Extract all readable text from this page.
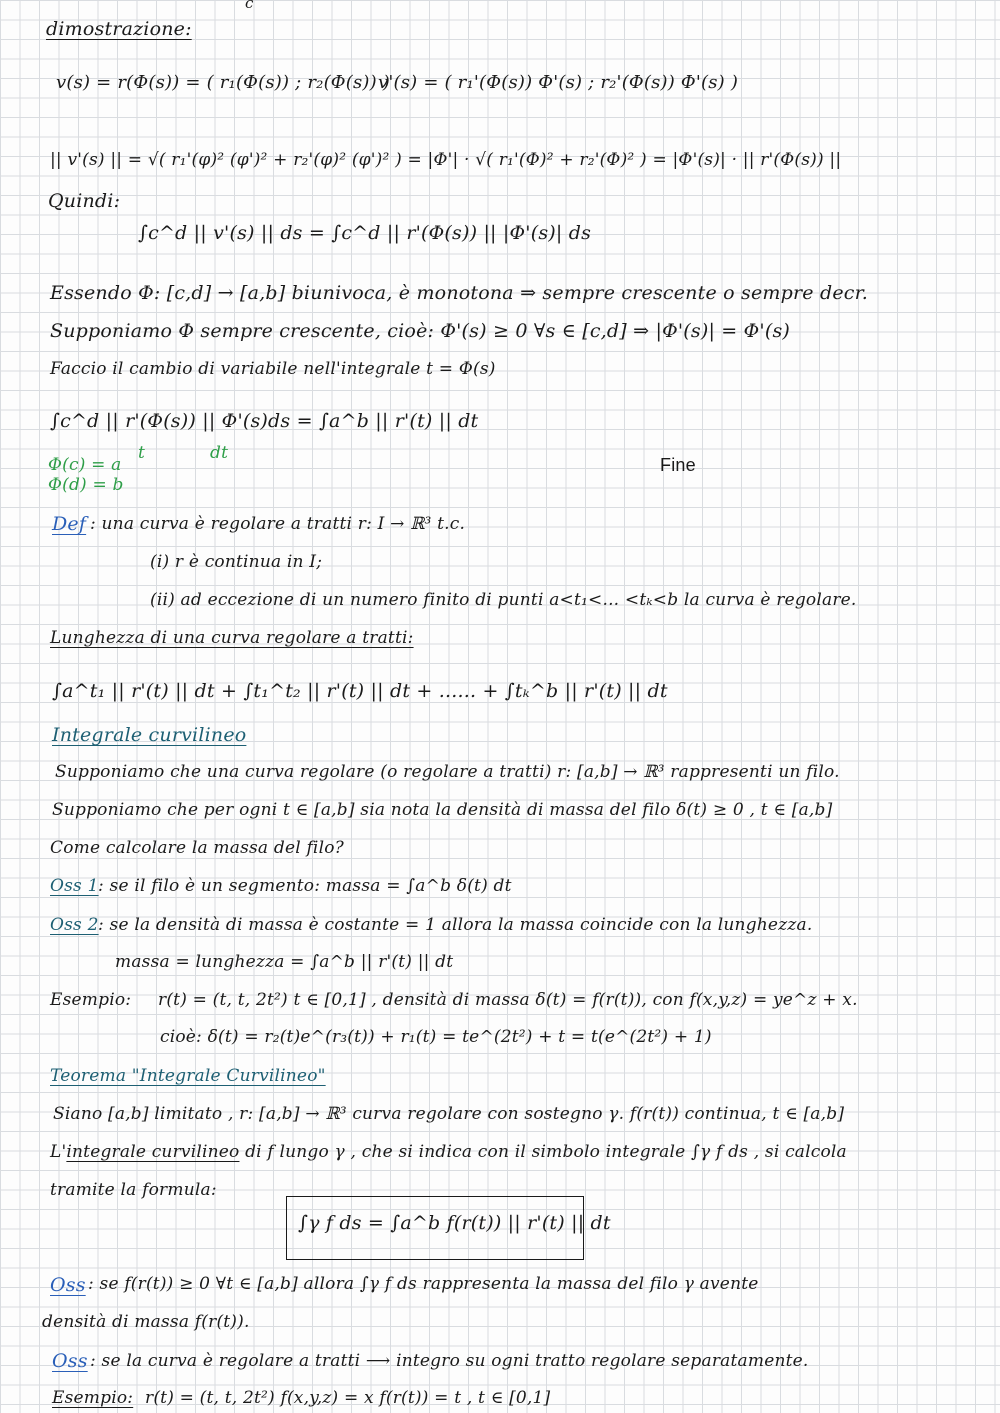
c
dimostrazione:
v(s) = r(Φ(s)) = ( r₁(Φ(s)) ; r₂(Φ(s)) )
v'(s) = ( r₁'(Φ(s)) Φ'(s) ; r₂'(Φ(s)) Φ'(s) )
|| v'(s) || = √( r₁'(φ)² (φ')² + r₂'(φ)² (φ')² ) = |Φ'| · √( r₁'(Φ)² + r₂'(Φ)² ) = |Φ'(s)| · || r'(Φ(s)) ||
Quindi:
∫c^d || v'(s) || ds = ∫c^d || r'(Φ(s)) || |Φ'(s)| ds
Essendo Φ: [c,d] → [a,b] biunivoca, è monotona ⇒ sempre crescente o sempre decr.
Supponiamo Φ sempre crescente, cioè: Φ'(s) ≥ 0 ∀s ∈ [c,d] ⇒ |Φ'(s)| = Φ'(s)
Faccio il cambio di variabile nell'integrale t = Φ(s)
∫c^d || r'(Φ(s)) || Φ'(s)ds = ∫a^b || r'(t) || dt
t	dt
Φ(c) = a
Φ(d) = b
Fine
Def : una curva è regolare a tratti r: I → ℝ³ t.c.
(i) r è continua in I;
(ii) ad eccezione di un numero finito di punti a<t₁<... <tₖ<b la curva è regolare.
Lunghezza di una curva regolare a tratti:
∫a^t₁ || r'(t) || dt + ∫t₁^t₂ || r'(t) || dt + ...... + ∫tₖ^b || r'(t) || dt
Integrale curvilineo
Supponiamo che una curva regolare (o regolare a tratti) r: [a,b] → ℝ³ rappresenti un filo.
Supponiamo che per ogni t ∈ [a,b] sia nota la densità di massa del filo δ(t) ≥ 0 , t ∈ [a,b]
Come calcolare la massa del filo?
Oss 1 : se il filo è un segmento: massa = ∫a^b δ(t) dt
Oss 2 : se la densità di massa è costante = 1 allora la massa coincide con la lunghezza.
massa = lunghezza = ∫a^b || r'(t) || dt
Esempio: r(t) = (t, t, 2t²) t ∈ [0,1] , densità di massa δ(t) = f(r(t)), con f(x,y,z) = ye^z + x.
cioè: δ(t) = r₂(t)e^(r₃(t)) + r₁(t) = te^(2t²) + t = t(e^(2t²) + 1)
Teorema "Integrale Curvilineo"
Siano [a,b] limitato , r: [a,b] → ℝ³ curva regolare con sostegno γ. f(r(t)) continua, t ∈ [a,b]
L'integrale curvilineo di f lungo γ , che si indica con il simbolo integrale ∫γ f ds , si calcola
tramite la formula:
∫γ f ds = ∫a^b f(r(t)) || r'(t) || dt
Oss : se f(r(t)) ≥ 0 ∀t ∈ [a,b] allora ∫γ f ds rappresenta la massa del filo γ avente
densità di massa f(r(t)).
Oss : se la curva è regolare a tratti ⟶ integro su ogni tratto regolare separatamente.
Esempio: r(t) = (t, t, 2t²) f(x,y,z) = x f(r(t)) = t , t ∈ [0,1]
